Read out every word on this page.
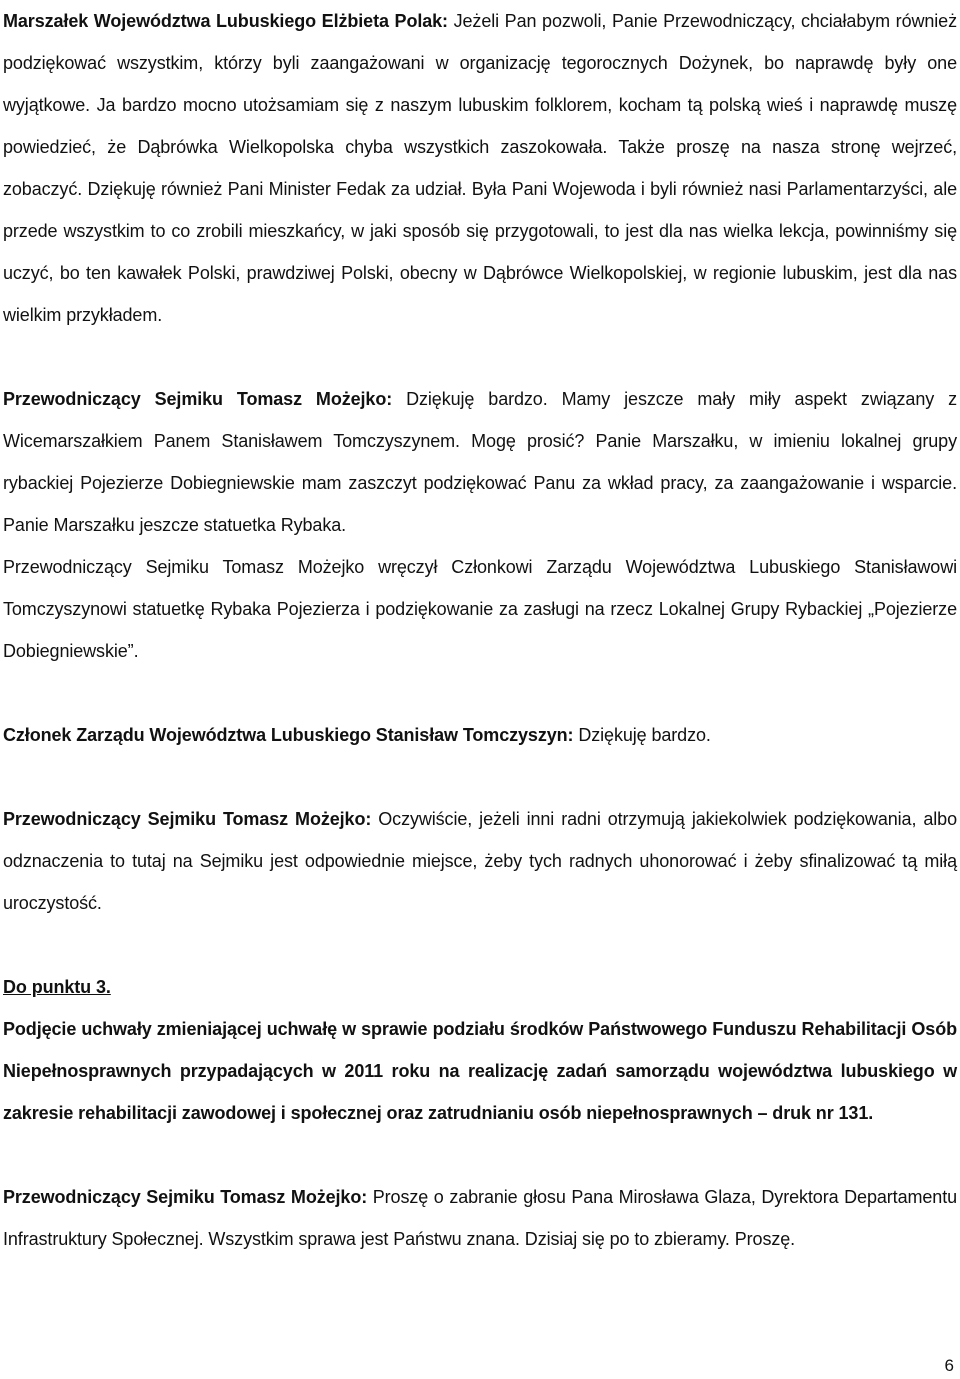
Marszałek Województwa Lubuskiego Elżbieta Polak: Jeżeli Pan pozwoli, Panie Przewodniczący, chciałabym również podziękować wszystkim, którzy byli zaangażowani w organizację tegorocznych Dożynek, bo naprawdę były one wyjątkowe. Ja bardzo mocno utożsamiam się z naszym lubuskim folklorem, kocham tą polską wieś i naprawdę muszę powiedzieć, że Dąbrówka Wielkopolska chyba wszystkich zaszokowała. Także proszę na nasza stronę wejrzeć, zobaczyć. Dziękuję również Pani Minister Fedak za udział. Była Pani Wojewoda i byli również nasi Parlamentarzyści, ale przede wszystkim to co zrobili mieszkańcy, w jaki sposób się przygotowali, to jest dla nas wielka lekcja, powinniśmy się uczyć, bo ten kawałek Polski, prawdziwej Polski, obecny w Dąbrówce Wielkopolskiej, w regionie lubuskim, jest dla nas wielkim przykładem.

Przewodniczący Sejmiku Tomasz Możejko: Dziękuję bardzo. Mamy jeszcze mały miły aspekt związany z Wicemarszałkiem Panem Stanisławem Tomczyszynem. Mogę prosić? Panie Marszałku, w imieniu lokalnej grupy rybackiej Pojezierze Dobiegniewskie mam zaszczyt podziękować Panu za wkład pracy, za zaangażowanie i wsparcie. Panie Marszałku jeszcze statuetka Rybaka.

Przewodniczący Sejmiku Tomasz Możejko wręczył Członkowi Zarządu Województwa Lubuskiego Stanisławowi Tomczyszynowi statuetkę Rybaka Pojezierza i podziękowanie za zasługi na rzecz Lokalnej Grupy Rybackiej „Pojezierze Dobiegniewskie”.

Członek Zarządu Województwa Lubuskiego Stanisław Tomczyszyn: Dziękuję bardzo.

Przewodniczący Sejmiku Tomasz Możejko: Oczywiście, jeżeli inni radni otrzymują jakiekolwiek podziękowania, albo odznaczenia to tutaj na Sejmiku jest odpowiednie miejsce, żeby tych radnych uhonorować i żeby sfinalizować tą miłą uroczystość.

Do punktu 3.

Podjęcie uchwały zmieniającej uchwałę w sprawie podziału środków Państwowego Funduszu Rehabilitacji Osób Niepełnosprawnych przypadających w 2011 roku na realizację zadań samorządu województwa lubuskiego w zakresie rehabilitacji zawodowej i społecznej oraz zatrudnianiu osób niepełnosprawnych – druk nr 131.

Przewodniczący Sejmiku Tomasz Możejko: Proszę o zabranie głosu Pana Mirosława Glaza, Dyrektora Departamentu Infrastruktury Społecznej. Wszystkim sprawa jest Państwu znana. Dzisiaj się po to zbieramy. Proszę.

6
